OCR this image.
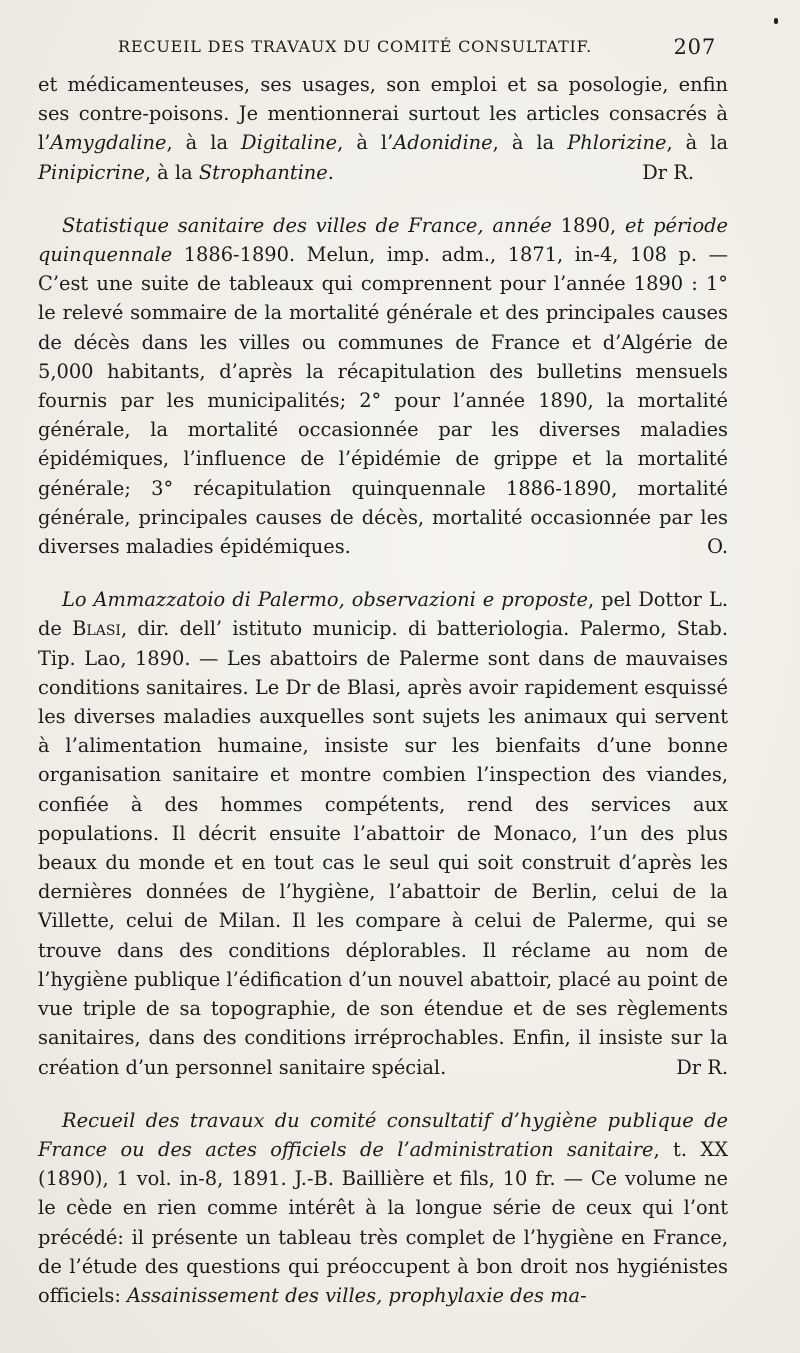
RECUEIL DES TRAVAUX DU COMITÉ CONSULTATIF.	207

et médicamenteuses, ses usages, son emploi et sa posologie, enfin ses contre-poisons. Je mentionnerai surtout les articles consacrés à l’Amygdaline, à la Digitaline, à l’Adonidine, à la Phlorizine, à la Pinipicrine, à la Strophantine.	Dr R.

Statistique sanitaire des villes de France, année 1890, et période quinquennale 1886-1890. Melun, imp. adm., 1871, in-4, 108 p. — C’est une suite de tableaux qui comprennent pour l’année 1890 : 1° le relevé sommaire de la mortalité générale et des principales causes de décès dans les villes ou communes de France et d’Algérie de 5,000 habitants, d’après la récapitulation des bulletins mensuels fournis par les municipalités; 2° pour l’année 1890, la mortalité générale, la mortalité occasionnée par les diverses maladies épidémiques, l’influence de l’épidémie de grippe et la mortalité générale; 3° récapitulation quinquennale 1886-1890, mortalité générale, principales causes de décès, mortalité occasionnée par les diverses maladies épidémiques.	O.

Lo Ammazzatoio di Palermo, observazioni e proposte, pel Dottor L. de Blasi, dir. dell’ istituto municip. di batteriologia. Palermo, Stab. Tip. Lao, 1890. — Les abattoirs de Palerme sont dans de mauvaises conditions sanitaires. Le Dr de Blasi, après avoir rapidement esquissé les diverses maladies auxquelles sont sujets les animaux qui servent à l’alimentation humaine, insiste sur les bienfaits d’une bonne organisation sanitaire et montre combien l’inspection des viandes, confiée à des hommes compétents, rend des services aux populations. Il décrit ensuite l’abattoir de Monaco, l’un des plus beaux du monde et en tout cas le seul qui soit construit d’après les dernières données de l’hygiène, l’abattoir de Berlin, celui de la Villette, celui de Milan. Il les compare à celui de Palerme, qui se trouve dans des conditions déplorables. Il réclame au nom de l’hygiène publique l’édification d’un nouvel abattoir, placé au point de vue triple de sa topographie, de son étendue et de ses règlements sanitaires, dans des conditions irréprochables. Enfin, il insiste sur la création d’un personnel sanitaire spécial.	Dr R.

Recueil des travaux du comité consultatif d’hygiène publique de France ou des actes officiels de l’administration sanitaire, t. XX (1890), 1 vol. in-8, 1891. J.-B. Baillière et fils, 10 fr. — Ce volume ne le cède en rien comme intérêt à la longue série de ceux qui l’ont précédé: il présente un tableau très complet de l’hygiène en France, de l’étude des questions qui préoccupent à bon droit nos hygiénistes officiels: Assainissement des villes, prophylaxie des ma-
